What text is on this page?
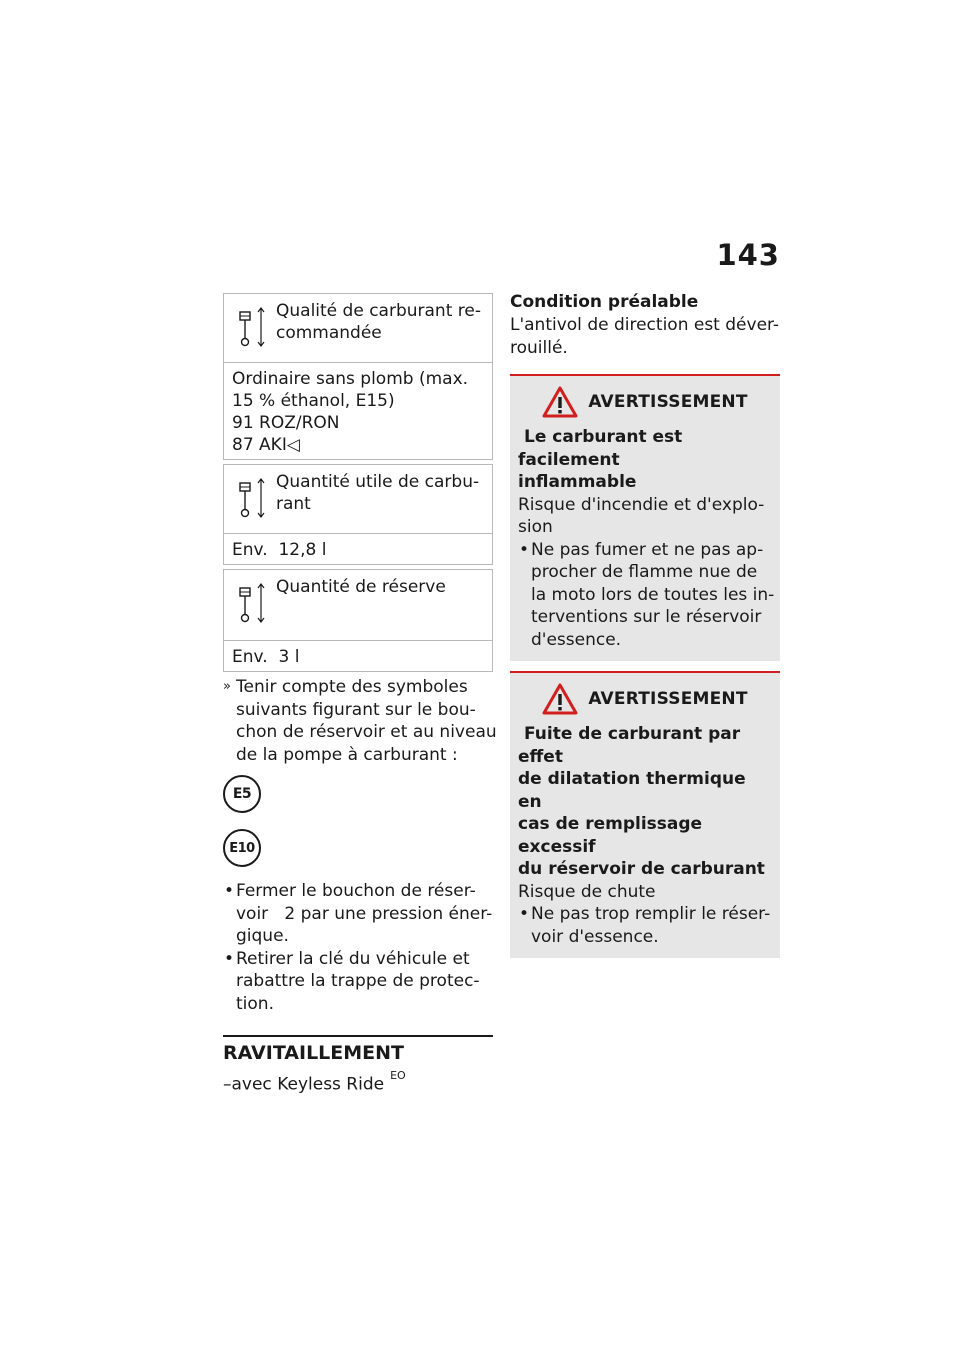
143
Qualité de carburant re-
commandée
Ordinaire sans plomb (max.
15 % éthanol, E15)
91 ROZ/RON
87 AKI◁
Quantité utile de carbu-
rant
Env.  12,8 l
Quantité de réserve
Env.  3 l
» Tenir compte des symboles
suivants figurant sur le bou-
chon de réservoir et au niveau
de la pompe à carburant :
E5
E10
• Fermer le bouchon de réser-
voir   2 par une pression éner-
gique.
• Retirer la clé du véhicule et
rabattre la trappe de protec-
tion.
RAVITAILLEMENT
–avec Keyless Ride $^{EO}$
Condition préalable
L'antivol de direction est déver-
rouillé.
AVERTISSEMENT
Le carburant est facilement
inflammable
Risque d'incendie et d'explo-
sion
• Ne pas fumer et ne pas ap-
procher de flamme nue de
la moto lors de toutes les in-
terventions sur le réservoir
d'essence.
AVERTISSEMENT
Fuite de carburant par effet
de dilatation thermique en
cas de remplissage excessif
du réservoir de carburant
Risque de chute
• Ne pas trop remplir le réser-
voir d'essence.
